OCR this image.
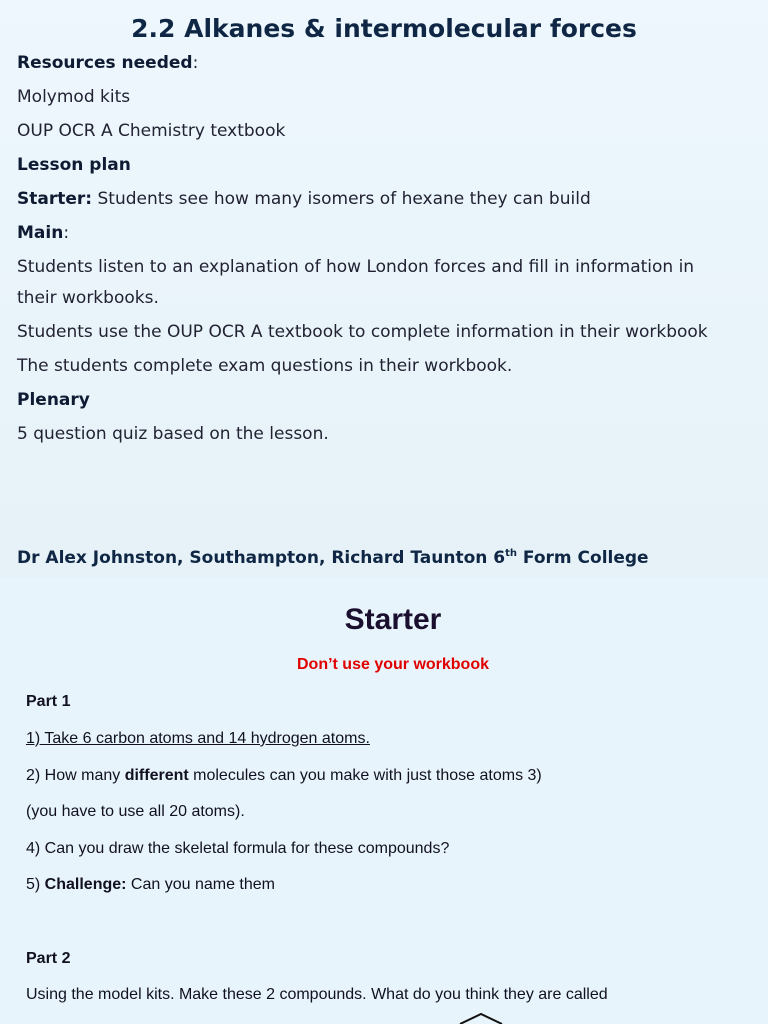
2.2 Alkanes & intermolecular forces
Resources needed:
Molymod kits
OUP OCR A Chemistry textbook
Lesson plan
Starter: Students see how many isomers of hexane they can build
Main:
Students listen to an explanation of how London forces and fill in information in
their workbooks.
Students use the OUP OCR A textbook to complete information in their workbook
The students complete exam questions in their workbook.
Plenary
5 question quiz based on the lesson.
Dr Alex Johnston, Southampton, Richard Taunton 6th Form College
Starter
Don’t use your workbook
Part 1
1) Take 6 carbon atoms and 14 hydrogen atoms.
2) How many different molecules can you make with just those atoms 3)
(you have to use all 20 atoms).
4) Can you draw the skeletal formula for these compounds?
5) Challenge: Can you name them
Part 2
Using the model kits. Make these 2 compounds. What do you think they are called
